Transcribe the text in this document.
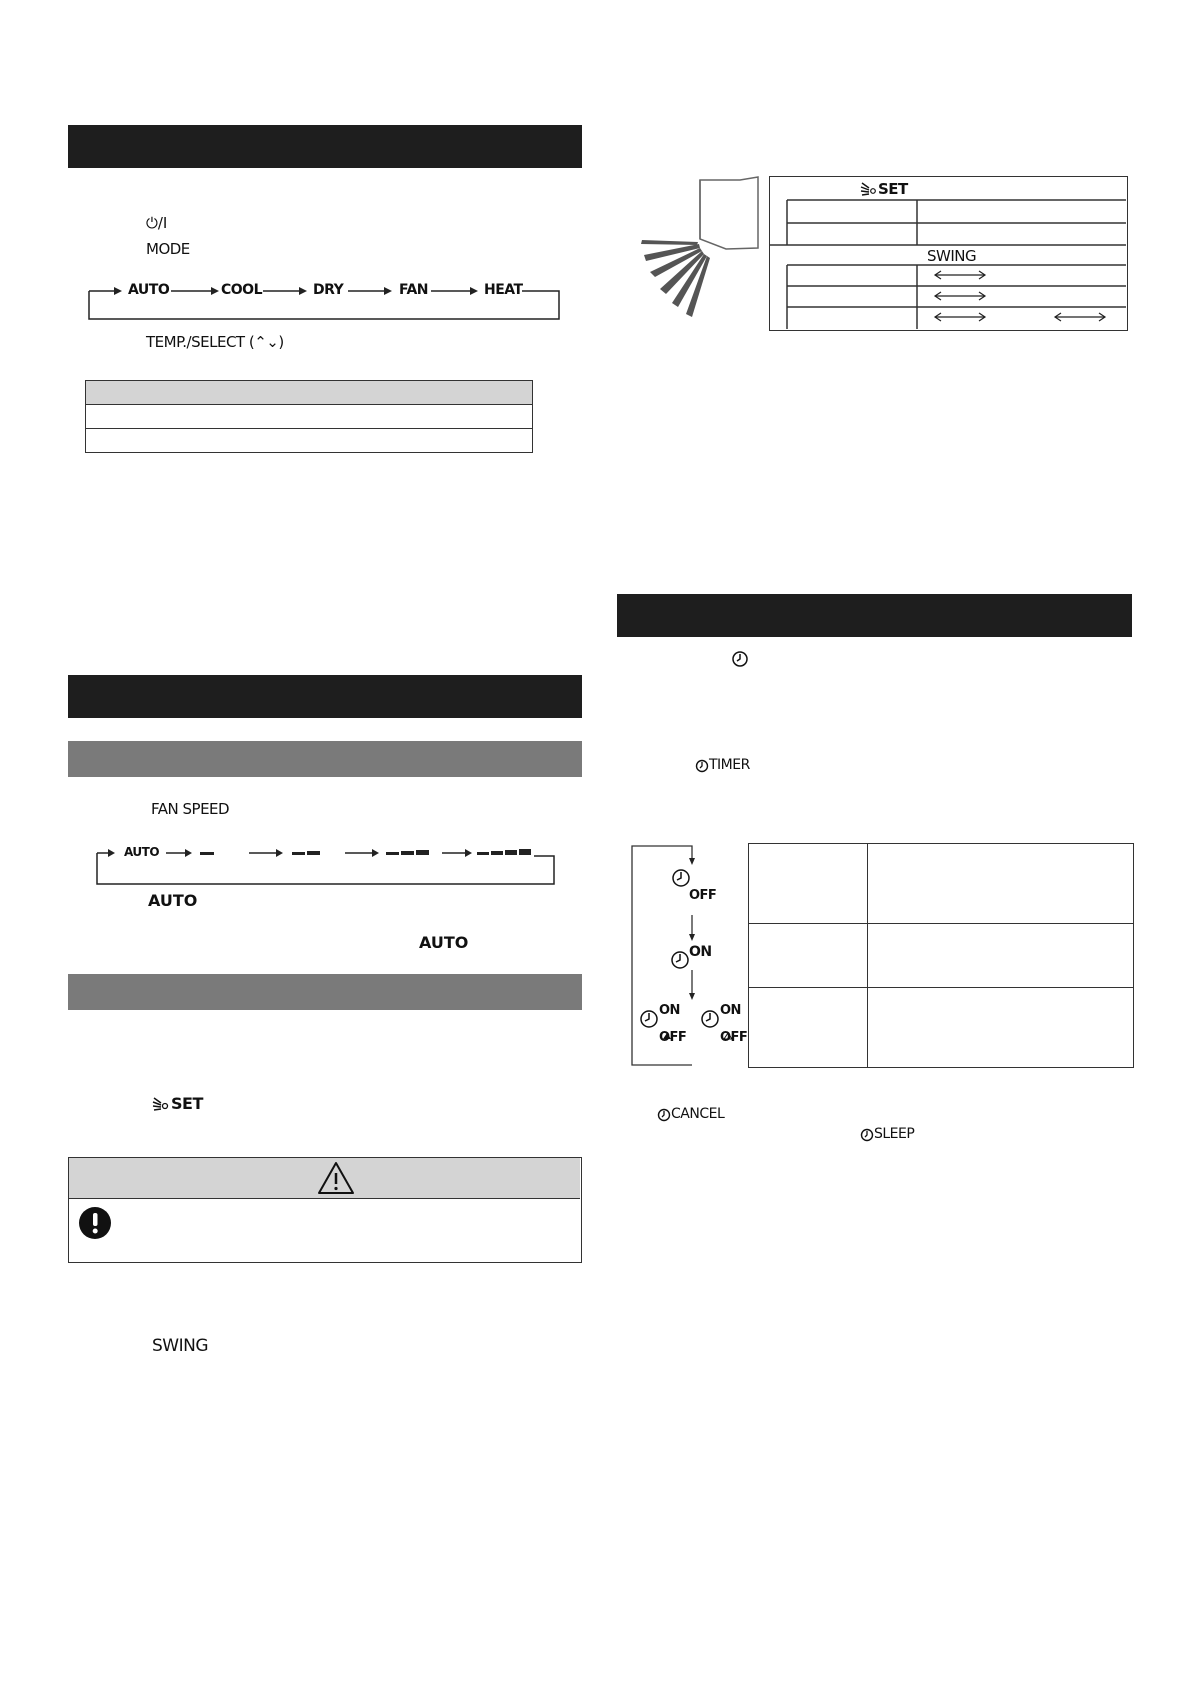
⏻/I
MODE
AUTO	COOL	DRY	FAN	HEAT
TEMP./SELECT (⌃⌄)

FAN SPEED
AUTO
AUTO
AUTO
SET
SWING
SET
SWING
TIMER
OFF
ON
ON
OFF
ON
OFF

CANCEL
SLEEP
